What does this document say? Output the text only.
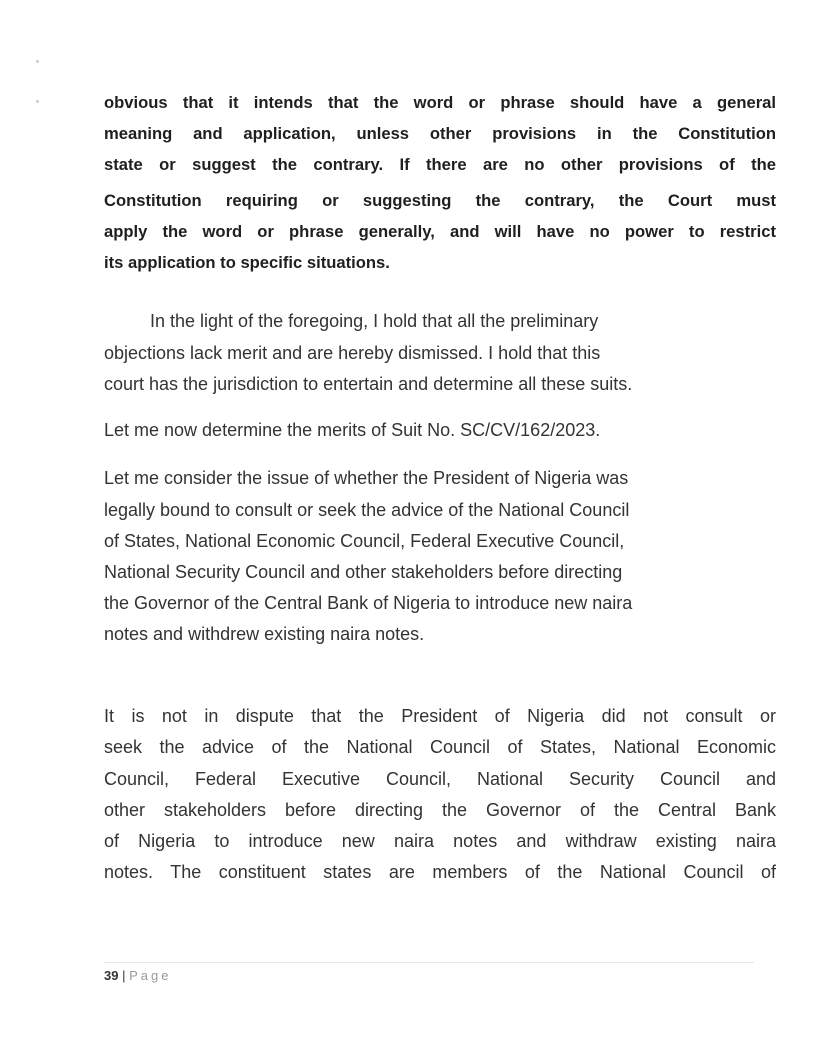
obvious that it intends that the word or phrase should have a general
meaning and application, unless other provisions in the Constitution
state or suggest the contrary. If there are no other provisions of the
Constitution requiring or suggesting the contrary, the Court must
apply the word or phrase generally, and will have no power to restrict
its application to specific situations.
In the light of the foregoing, I hold that all the preliminary
objections lack merit and are hereby dismissed. I hold that this
court has the jurisdiction to entertain and determine all these suits.
Let me now determine the merits of Suit No. SC/CV/162/2023.
Let me consider the issue of whether the President of Nigeria was
legally bound to consult or seek the advice of the National Council
of States, National Economic Council, Federal Executive Council,
National Security Council and other stakeholders before directing
the Governor of the Central Bank of Nigeria to introduce new naira
notes and withdrew existing naira notes.
It is not in dispute that the President of Nigeria did not consult or
seek the advice of the National Council of States, National Economic
Council, Federal Executive Council, National Security Council and
other stakeholders before directing the Governor of the Central Bank
of Nigeria to introduce new naira notes and withdraw existing naira
notes. The constituent states are members of the National Council of
39 | Page
